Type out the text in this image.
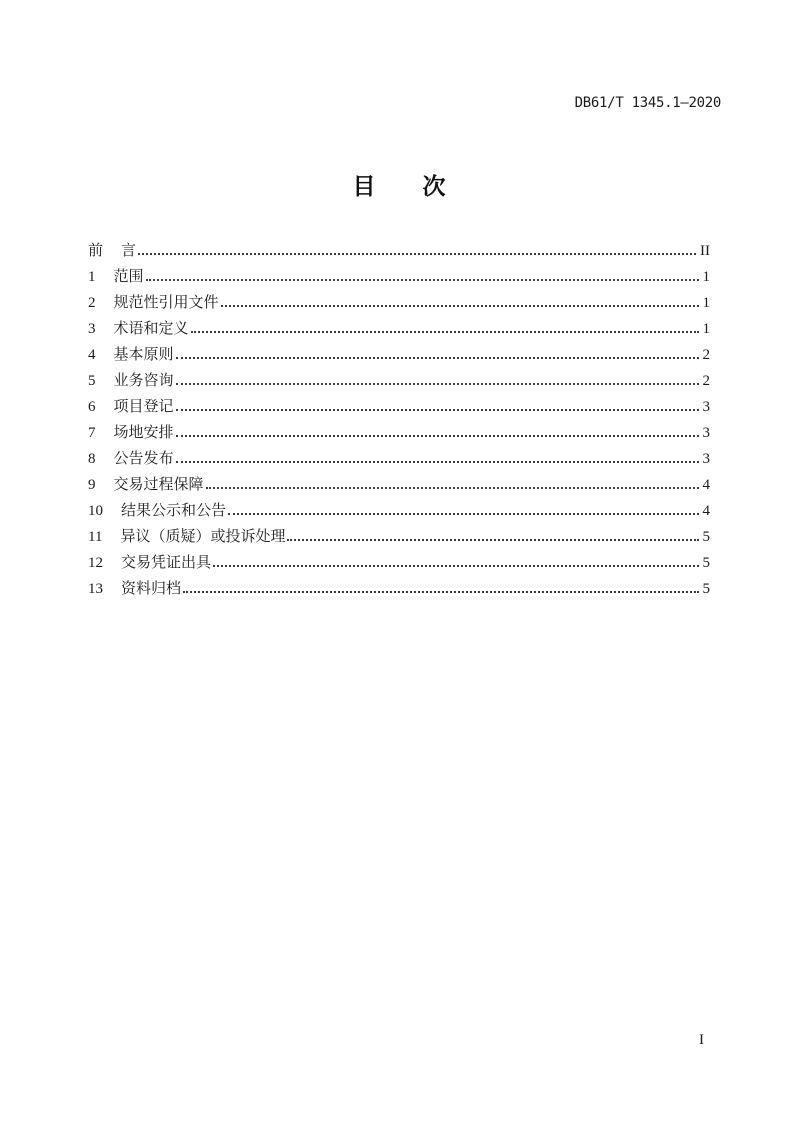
DB61/T 1345.1—2020
目　次
前 言	II
1 范围	1
2 规范性引用文件	1
3 术语和定义	1
4 基本原则	2
5 业务咨询	2
6 项目登记	3
7 场地安排	3
8 公告发布	3
9 交易过程保障	4
10 结果公示和公告	4
11 异议（质疑）或投诉处理	5
12 交易凭证出具	5
13 资料归档	5
I
